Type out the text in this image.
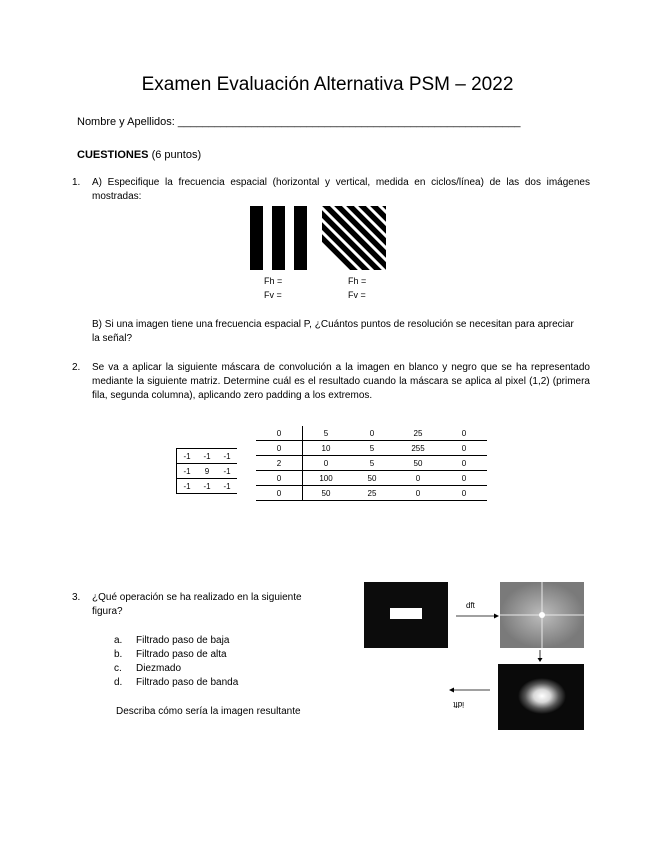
Examen Evaluación Alternativa PSM – 2022
Nombre y Apellidos: ________________________________________________________
CUESTIONES (6 puntos)
1. A) Especifique la frecuencia espacial (horizontal y vertical, medida en ciclos/línea) de las dos imágenes mostradas:
Fh =
Fv =
Fh =
Fv =
B) Si una imagen tiene una frecuencia espacial P, ¿Cuántos puntos de resolución se necesitan para apreciar la señal?
2. Se va a aplicar la siguiente máscara de convolución a la imagen en blanco y negro que se ha representado mediante la siguiente matriz. Determine cuál es el resultado cuando la máscara se aplica al pixel (1,2) (primera fila, segunda columna), aplicando zero padding a los extremos.
-1	-1	-1
-1	9	-1
-1	-1	-1
0	5	0	25	0
0	10	5	255	0
2	0	5	50	0
0	100	50	0	0
0	50	25	0	0
3. ¿Qué operación se ha realizado en la siguiente figura?
a. Filtrado paso de baja
b. Filtrado paso de alta
c. Diezmado
d. Filtrado paso de banda
Describa cómo sería la imagen resultante
dft
idft
